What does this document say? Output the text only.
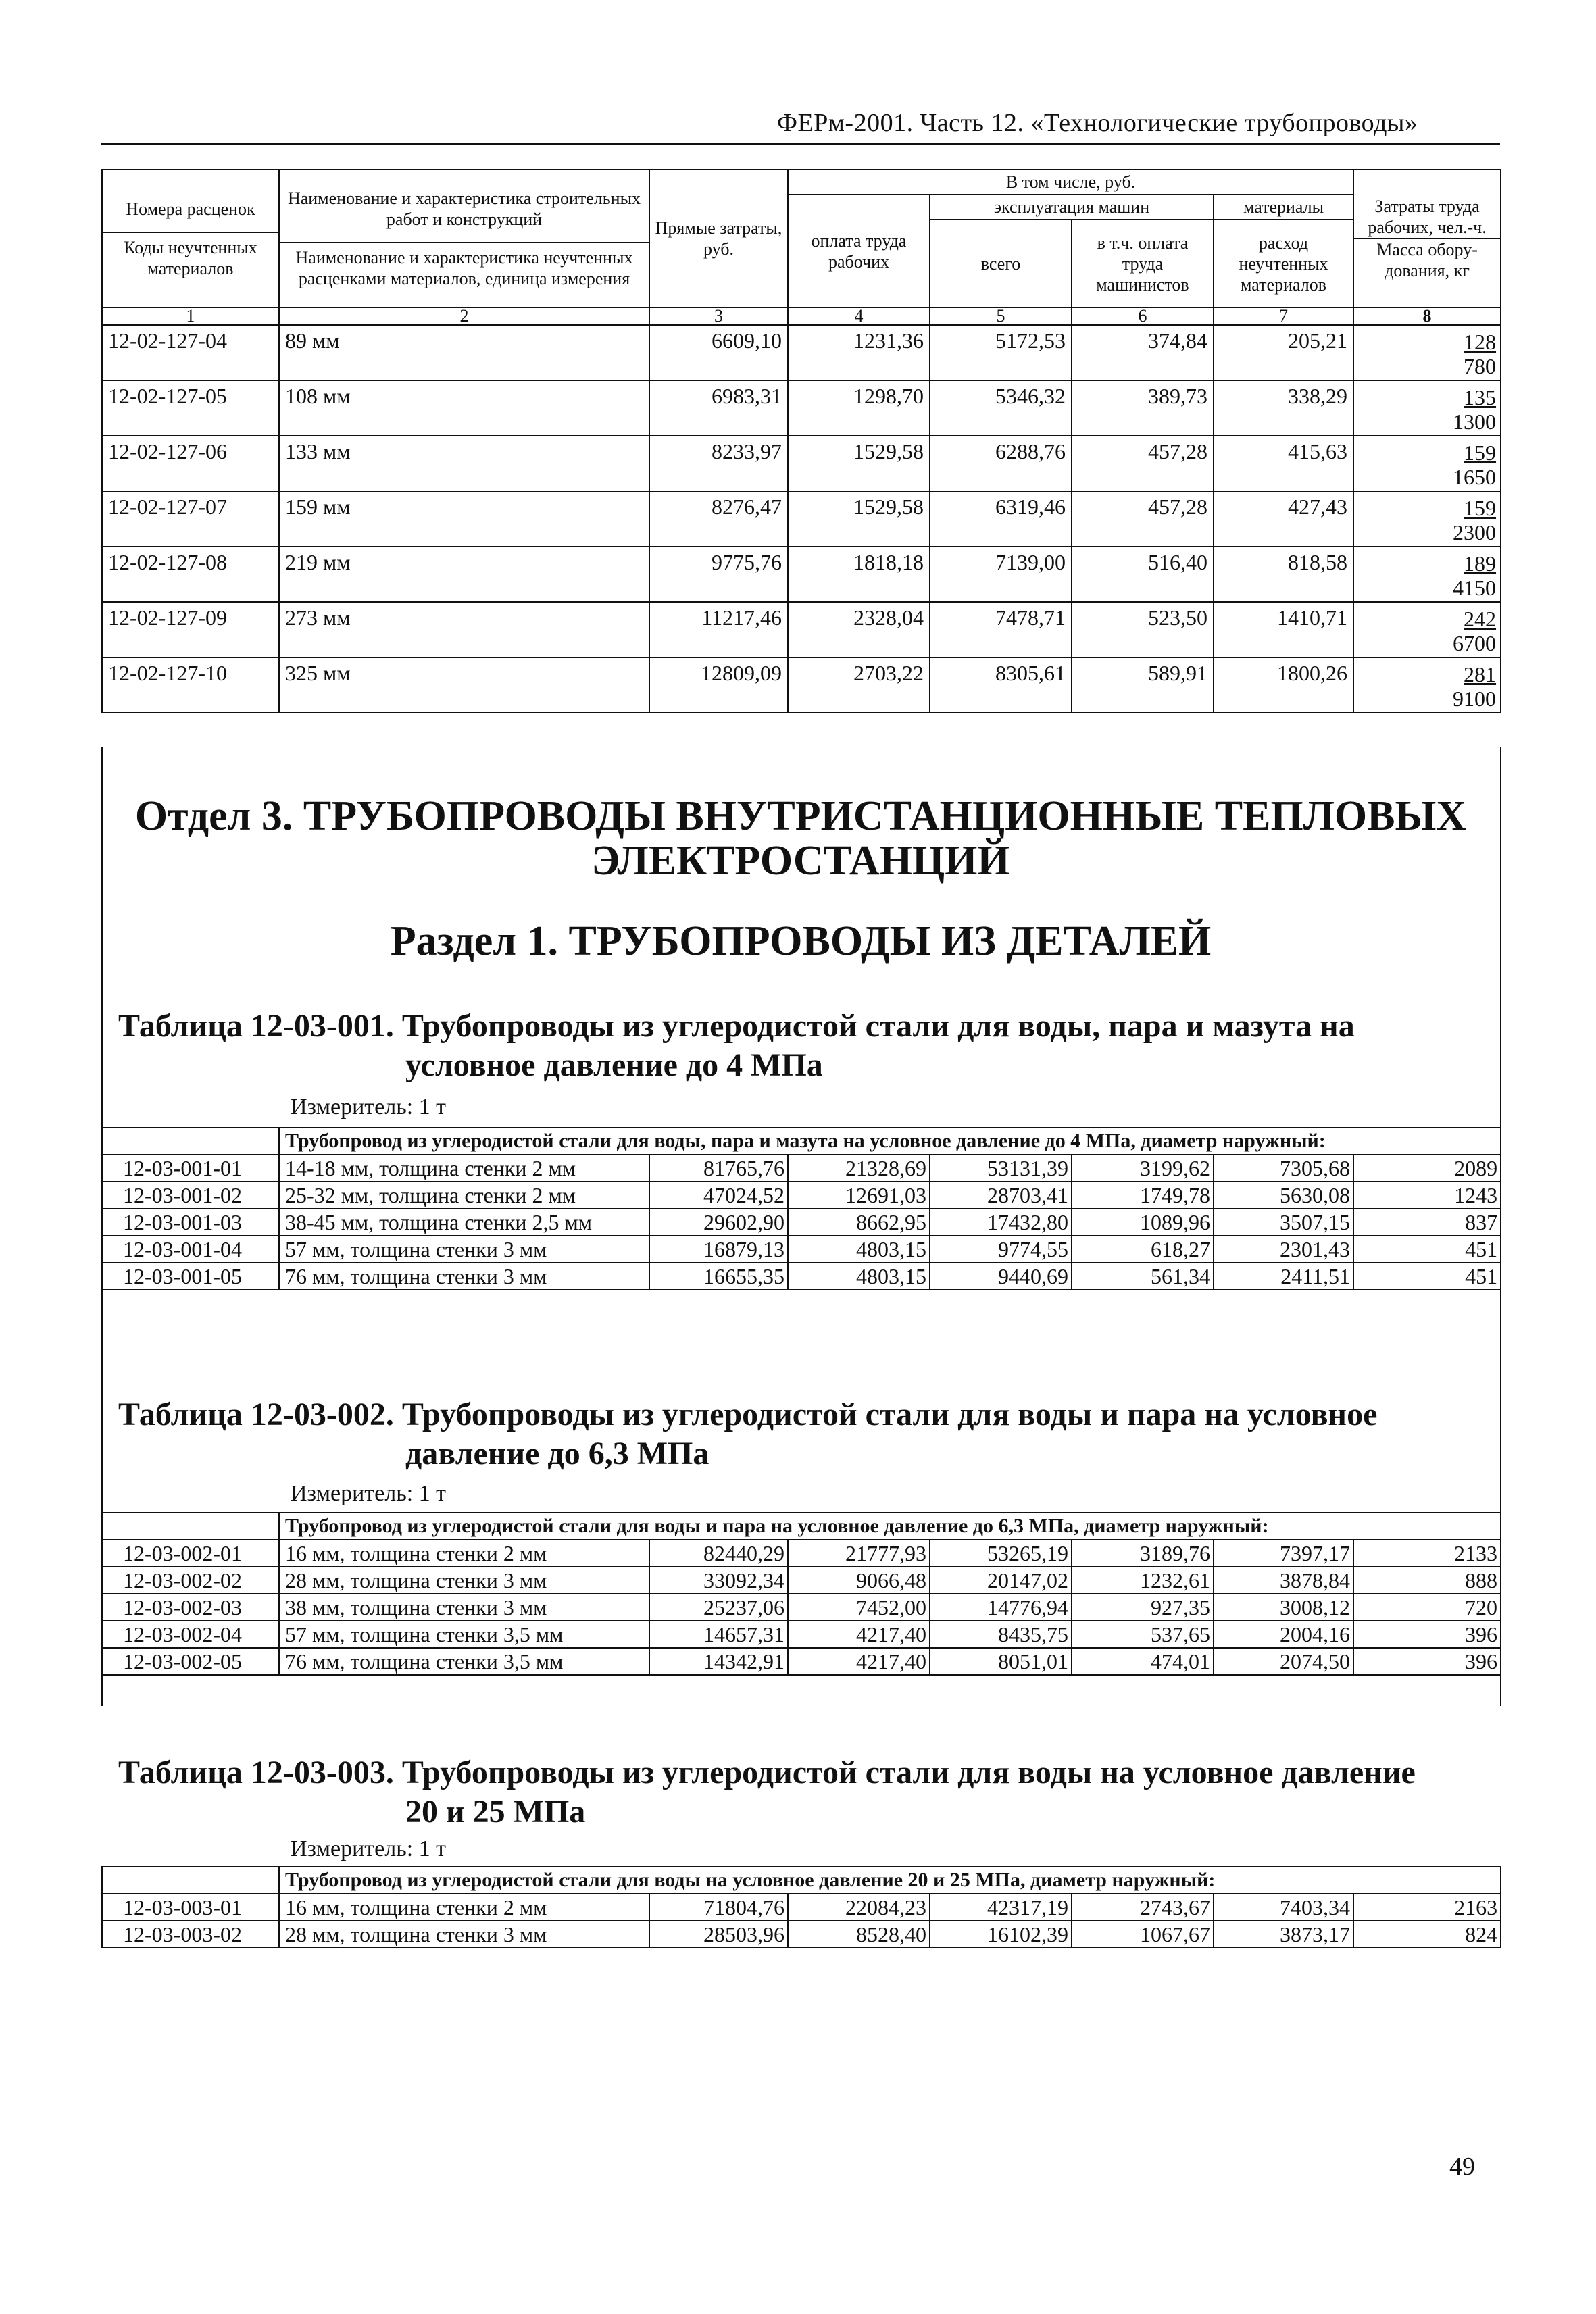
ФЕРм-2001. Часть 12. «Технологические трубопроводы»
Номера расценок
Коды неучтенных материалов	Наименование и характеристика строительных работ и конструкций
Наименование и характеристика неучтенных расценками материалов, единица измерения	Прямые затраты, руб.	В том числе, руб.				Затраты труда рабочих, чел.-ч.
Масса обору-дования, кг

			оплата труда рабочих	эксплуатация машин		материалы	
				всего	в т.ч. оплата труда машинистов	расход неучтенных материалов	
1	2	3	4	5	6	7	8
12-02-127-04	89 мм	6609,10	1231,36	5172,53	374,84	205,21	128
780

12-02-127-05	108 мм	6983,31	1298,70	5346,32	389,73	338,29	135
1300

12-02-127-06	133 мм	8233,97	1529,58	6288,76	457,28	415,63	159
1650

12-02-127-07	159 мм	8276,47	1529,58	6319,46	457,28	427,43	159
2300

12-02-127-08	219 мм	9775,76	1818,18	7139,00	516,40	818,58	189
4150

12-02-127-09	273 мм	11217,46	2328,04	7478,71	523,50	1410,71	242
6700

12-02-127-10	325 мм	12809,09	2703,22	8305,61	589,91	1800,26	281
9100
Отдел 3. ТРУБОПРОВОДЫ ВНУТРИСТАНЦИОННЫЕ ТЕПЛОВЫХ ЭЛЕКТРОСТАНЦИЙ
Раздел 1. ТРУБОПРОВОДЫ ИЗ ДЕТАЛЕЙ
Таблица 12-03-001. Трубопроводы из углеродистой стали для воды, пара и мазута на
условное давление до 4 МПа
Измеритель: 1 т
	Трубопровод из углеродистой стали для воды, пара и мазута на условное давление до 4 МПа, диаметр наружный:						
12-03-001-01	14-18 мм, толщина стенки 2 мм	81765,76	21328,69	53131,39	3199,62	7305,68	2089
12-03-001-02	25-32 мм, толщина стенки 2 мм	47024,52	12691,03	28703,41	1749,78	5630,08	1243
12-03-001-03	38-45 мм, толщина стенки 2,5 мм	29602,90	8662,95	17432,80	1089,96	3507,15	837
12-03-001-04	57 мм, толщина стенки 3 мм	16879,13	4803,15	9774,55	618,27	2301,43	451
12-03-001-05	76 мм, толщина стенки 3 мм	16655,35	4803,15	9440,69	561,34	2411,51	451
Таблица 12-03-002. Трубопроводы из углеродистой стали для воды и пара на условное
давление до 6,3 МПа
Измеритель: 1 т
	Трубопровод из углеродистой стали для воды и пара на условное давление до 6,3 МПа, диаметр наружный:						
12-03-002-01	16 мм, толщина стенки 2 мм	82440,29	21777,93	53265,19	3189,76	7397,17	2133
12-03-002-02	28 мм, толщина стенки 3 мм	33092,34	9066,48	20147,02	1232,61	3878,84	888
12-03-002-03	38 мм, толщина стенки 3 мм	25237,06	7452,00	14776,94	927,35	3008,12	720
12-03-002-04	57 мм, толщина стенки 3,5 мм	14657,31	4217,40	8435,75	537,65	2004,16	396
12-03-002-05	76 мм, толщина стенки 3,5 мм	14342,91	4217,40	8051,01	474,01	2074,50	396
Таблица 12-03-003. Трубопроводы из углеродистой стали для воды на условное давление
20 и 25 МПа
Измеритель: 1 т
	Трубопровод из углеродистой стали для воды на условное давление 20 и 25 МПа, диаметр наружный:						
12-03-003-01	16 мм, толщина стенки 2 мм	71804,76	22084,23	42317,19	2743,67	7403,34	2163
12-03-003-02	28 мм, толщина стенки 3 мм	28503,96	8528,40	16102,39	1067,67	3873,17	824
49
